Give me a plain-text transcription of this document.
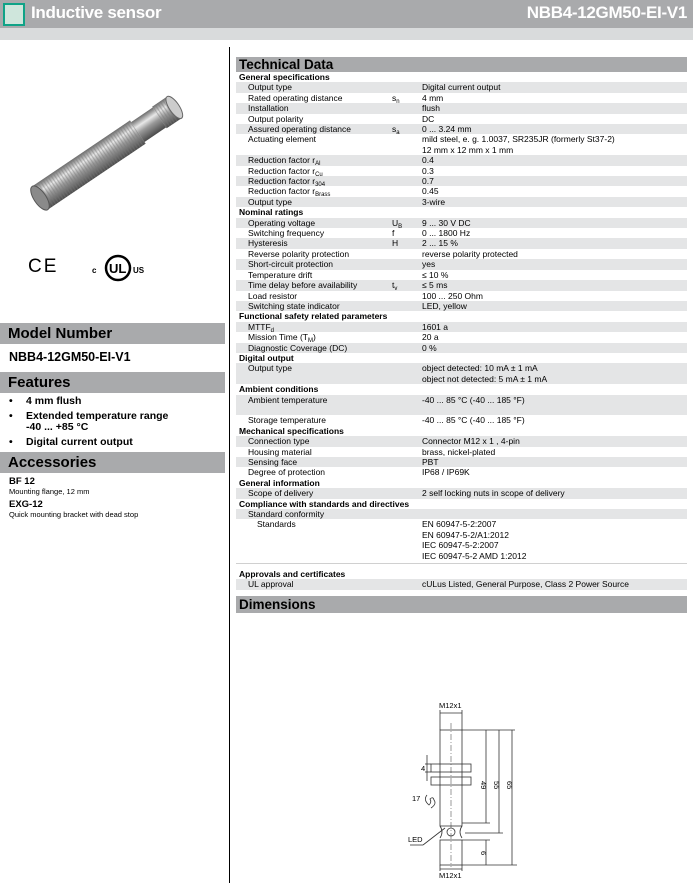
Inductive sensor	NBB4-12GM50-EI-V1
CE	c UL US
Model Number
NBB4-12GM50-EI-V1
Features
• 4 mm flush
• Extended temperature range
-40 ... +85 °C
• Digital current output
Accessories
BF 12
Mounting flange, 12 mm
EXG-12
Quick mounting bracket with dead stop
Technical Data
General specifications
Output type	Digital current output
Rated operating distance	$s_n$	4 mm
Installation	flush
Output polarity	DC
Assured operating distance	$s_a$	0 ... 3.24 mm
Actuating element	mild steel, e. g. 1.0037, SR235JR (formerly St37-2)
12 mm x 12 mm x 1 mm
Reduction factor $r_{Al}$	0.4
Reduction factor $r_{Cu}$	0.3
Reduction factor $r_{304}$	0.7
Reduction factor $r_{Brass}$	0.45
Output type	3-wire
Nominal ratings
Operating voltage	$U_B$	9 ... 30 V DC
Switching frequency	f	0 ... 1800 Hz
Hysteresis	H	2 ... 15 %
Reverse polarity protection	reverse polarity protected
Short-circuit protection	yes
Temperature drift	≤ 10 %
Time delay before availability	$t_v$	≤ 5 ms
Load resistor	100 ... 250 Ohm
Switching state indicator	LED, yellow
Functional safety related parameters
$MTTF_d$	1601 a
Mission Time $(T_M)$	20 a
Diagnostic Coverage (DC)	0 %
Digital output
Output type	object detected: 10 mA ± 1 mA
object not detected: 5 mA ± 1 mA
Ambient conditions
Ambient temperature	-40 ... 85 °C (-40 ... 185 °F)
Storage temperature	-40 ... 85 °C (-40 ... 185 °F)
Mechanical specifications
Connection type	Connector M12 x 1 , 4-pin
Housing material	brass, nickel-plated
Sensing face	PBT
Degree of protection	IP68 / IP69K
General information
Scope of delivery	2 self locking nuts in scope of delivery
Compliance with standards and directives
Standard conformity
Standards	EN 60947-5-2:2007
EN 60947-5-2/A1:2012
IEC 60947-5-2:2007
IEC 60947-5-2 AMD 1:2012
Approvals and certificates
UL approval	cULus Listed, General Purpose, Class 2 Power Source
Dimensions
M12x1
M12x1
4
17
49 55 65
6
LED
